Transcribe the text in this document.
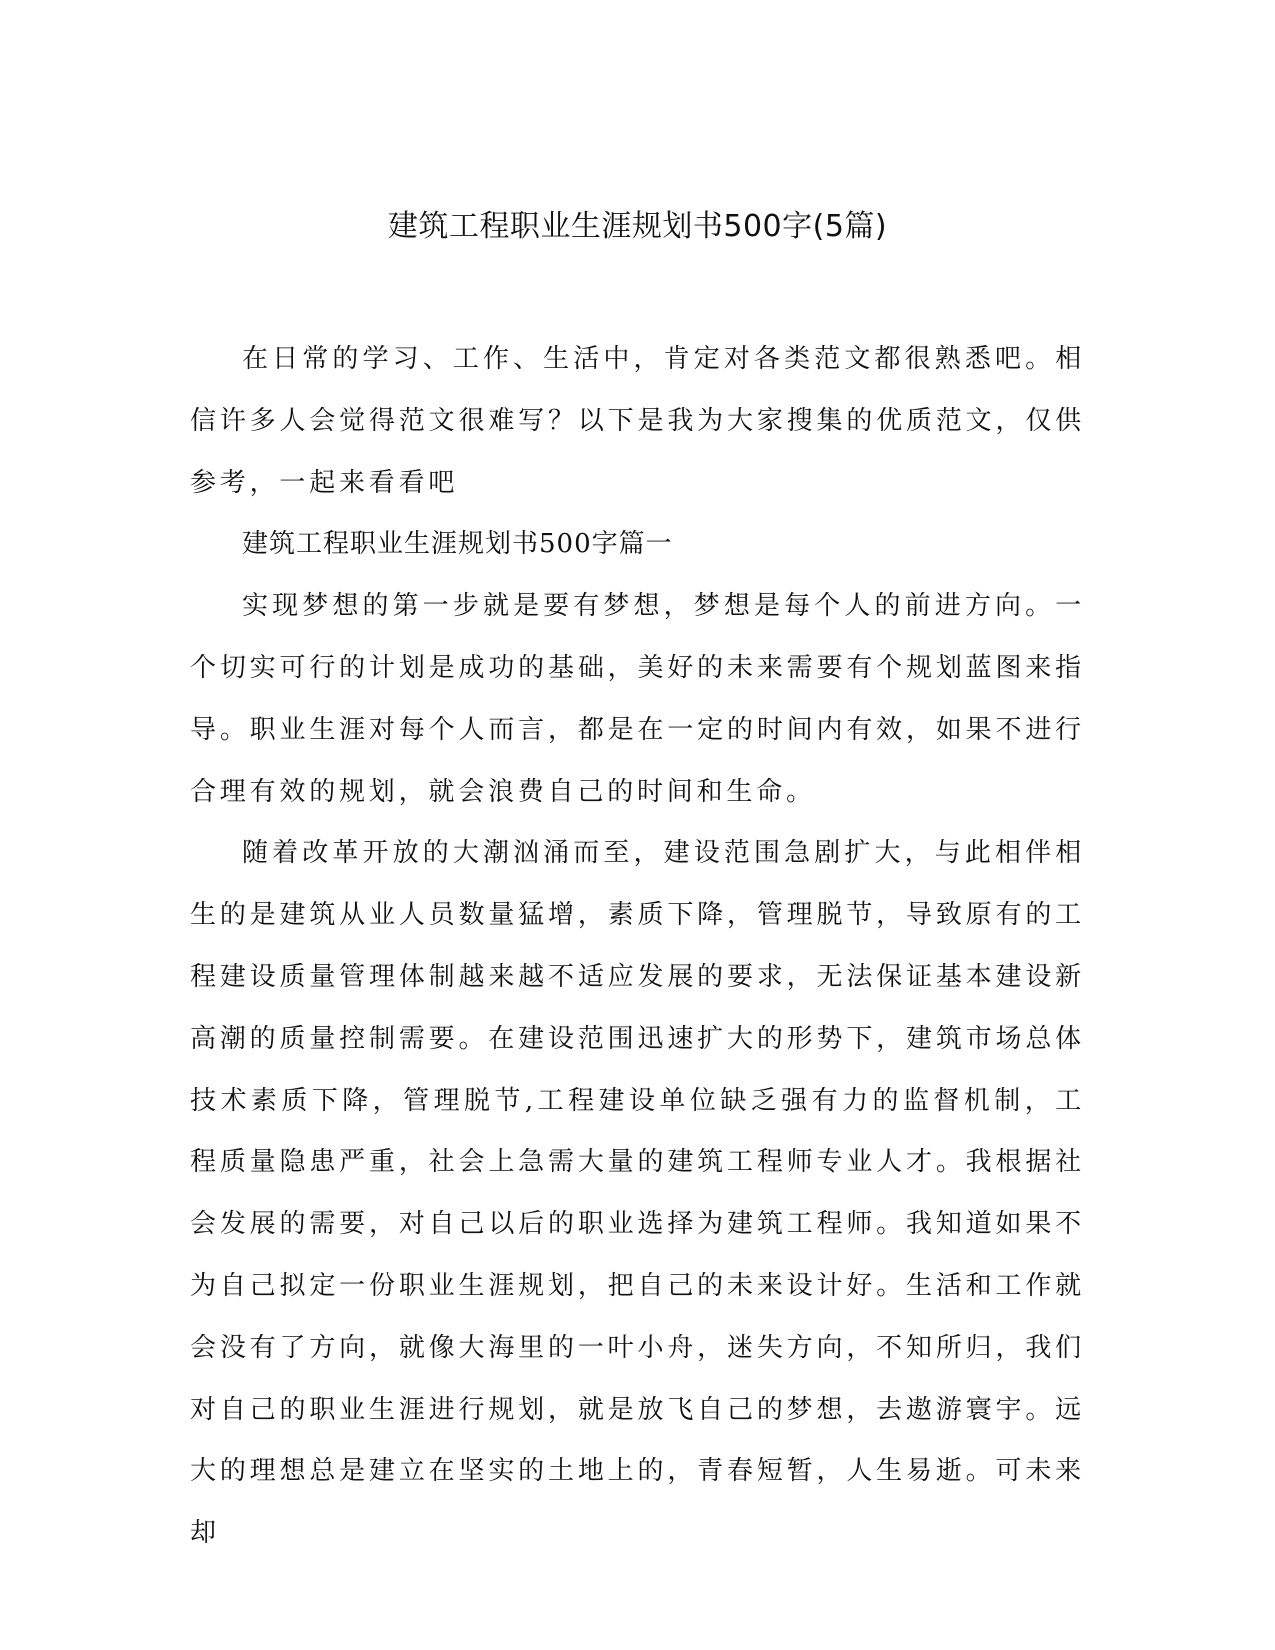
建筑工程职业生涯规划书500字(5篇)

在日常的学习、工作、生活中，肯定对各类范文都很熟悉吧。相信许多人会觉得范文很难写？以下是我为大家搜集的优质范文，仅供参考，一起来看看吧

建筑工程职业生涯规划书500字篇一

实现梦想的第一步就是要有梦想，梦想是每个人的前进方向。一个切实可行的计划是成功的基础，美好的未来需要有个规划蓝图来指导。职业生涯对每个人而言，都是在一定的时间内有效，如果不进行合理有效的规划，就会浪费自己的时间和生命。

随着改革开放的大潮汹涌而至，建设范围急剧扩大，与此相伴相生的是建筑从业人员数量猛增，素质下降，管理脱节，导致原有的工程建设质量管理体制越来越不适应发展的要求，无法保证基本建设新高潮的质量控制需要。在建设范围迅速扩大的形势下，建筑市场总体技术素质下降，管理脱节,工程建设单位缺乏强有力的监督机制，工程质量隐患严重，社会上急需大量的建筑工程师专业人才。我根据社会发展的需要，对自己以后的职业选择为建筑工程师。我知道如果不为自己拟定一份职业生涯规划，把自己的未来设计好。生活和工作就会没有了方向，就像大海里的一叶小舟，迷失方向，不知所归，我们对自己的职业生涯进行规划，就是放飞自己的梦想，去遨游寰宇。远大的理想总是建立在坚实的土地上的，青春短暂，人生易逝。可未来却
